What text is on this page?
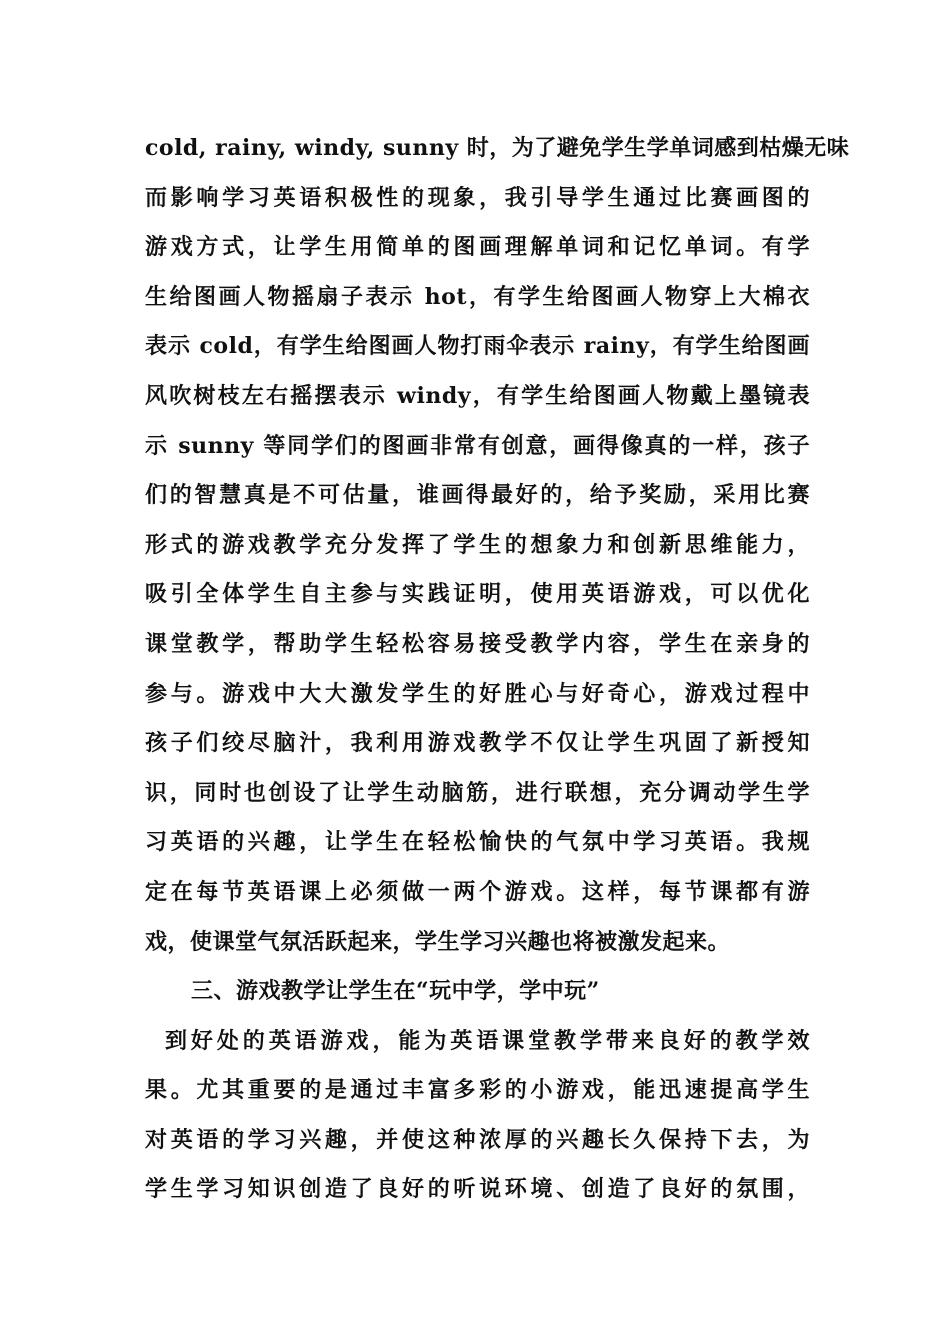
cold, rainy, windy, sunny 时，为了避免学生学单词感到枯燥无味
而影响学习英语积极性的现象，我引导学生通过比赛画图的
游戏方式，让学生用简单的图画理解单词和记忆单词。有学
生给图画人物摇扇子表示 hot，有学生给图画人物穿上大棉衣
表示 cold，有学生给图画人物打雨伞表示 rainy，有学生给图画
风吹树枝左右摇摆表示 windy，有学生给图画人物戴上墨镜表
示 sunny 等同学们的图画非常有创意，画得像真的一样，孩子
们的智慧真是不可估量，谁画得最好的，给予奖励，采用比赛
形式的游戏教学充分发挥了学生的想象力和创新思维能力，
吸引全体学生自主参与实践证明，使用英语游戏，可以优化
课堂教学，帮助学生轻松容易接受教学内容，学生在亲身的
参与。游戏中大大激发学生的好胜心与好奇心，游戏过程中
孩子们绞尽脑汁，我利用游戏教学不仅让学生巩固了新授知
识，同时也创设了让学生动脑筋，进行联想，充分调动学生学
习英语的兴趣，让学生在轻松愉快的气氛中学习英语。我规
定在每节英语课上必须做一两个游戏。这样，每节课都有游
戏，使课堂气氛活跃起来，学生学习兴趣也将被激发起来。
三、游戏教学让学生在“玩中学，学中玩”
到好处的英语游戏，能为英语课堂教学带来良好的教学效
果。尤其重要的是通过丰富多彩的小游戏，能迅速提高学生
对英语的学习兴趣，并使这种浓厚的兴趣长久保持下去，为
学生学习知识创造了良好的听说环境、创造了良好的氛围，
